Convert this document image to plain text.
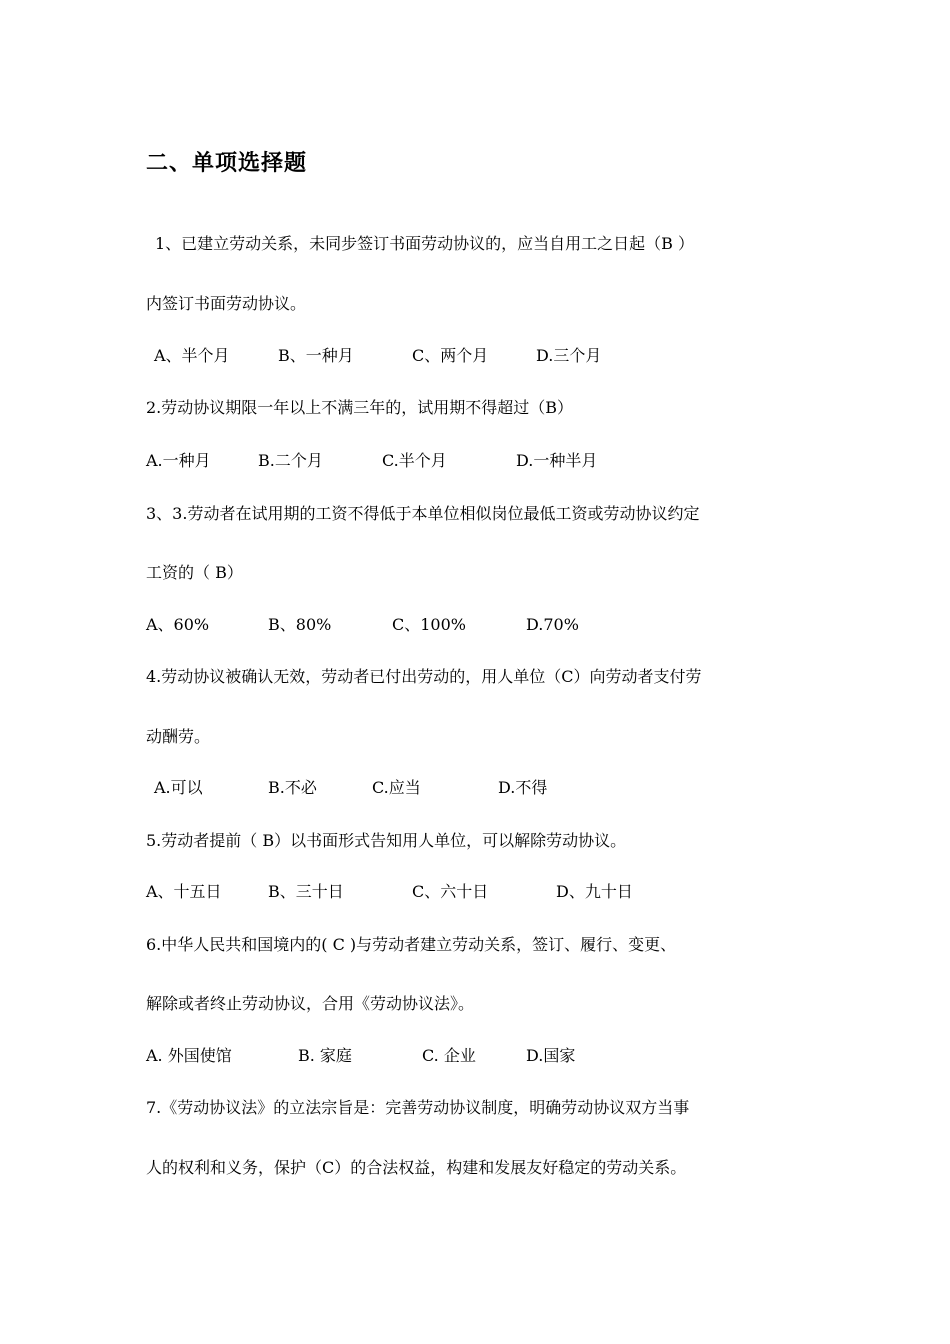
二、单项选择题
1、已建立劳动关系，未同步签订书面劳动协议的，应当自用工之日起（B ）
内签订书面劳动协议。
A、半个月	B、一种月	C、两个月	D.三个月
2.劳动协议期限一年以上不满三年的，试用期不得超过（B）
A.一种月	B.二个月	C.半个月	D.一种半月
3、3.劳动者在试用期的工资不得低于本单位相似岗位最低工资或劳动协议约定
工资的（ B）
A、60%	B、80%	C、100%	D.70%
4.劳动协议被确认无效，劳动者已付出劳动的，用人单位（C）向劳动者支付劳
动酬劳。
A.可以	B.不必	C.应当	D.不得
5.劳动者提前（ B）以书面形式告知用人单位，可以解除劳动协议。
A、十五日	B、三十日	C、六十日	D、九十日
6.中华人民共和国境内的( C )与劳动者建立劳动关系，签订、履行、变更、
解除或者终止劳动协议，合用《劳动协议法》。
A. 外国使馆	B. 家庭	C. 企业	D.国家
7.《劳动协议法》的立法宗旨是：完善劳动协议制度，明确劳动协议双方当事
人的权利和义务，保护（C）的合法权益，构建和发展友好稳定的劳动关系。
